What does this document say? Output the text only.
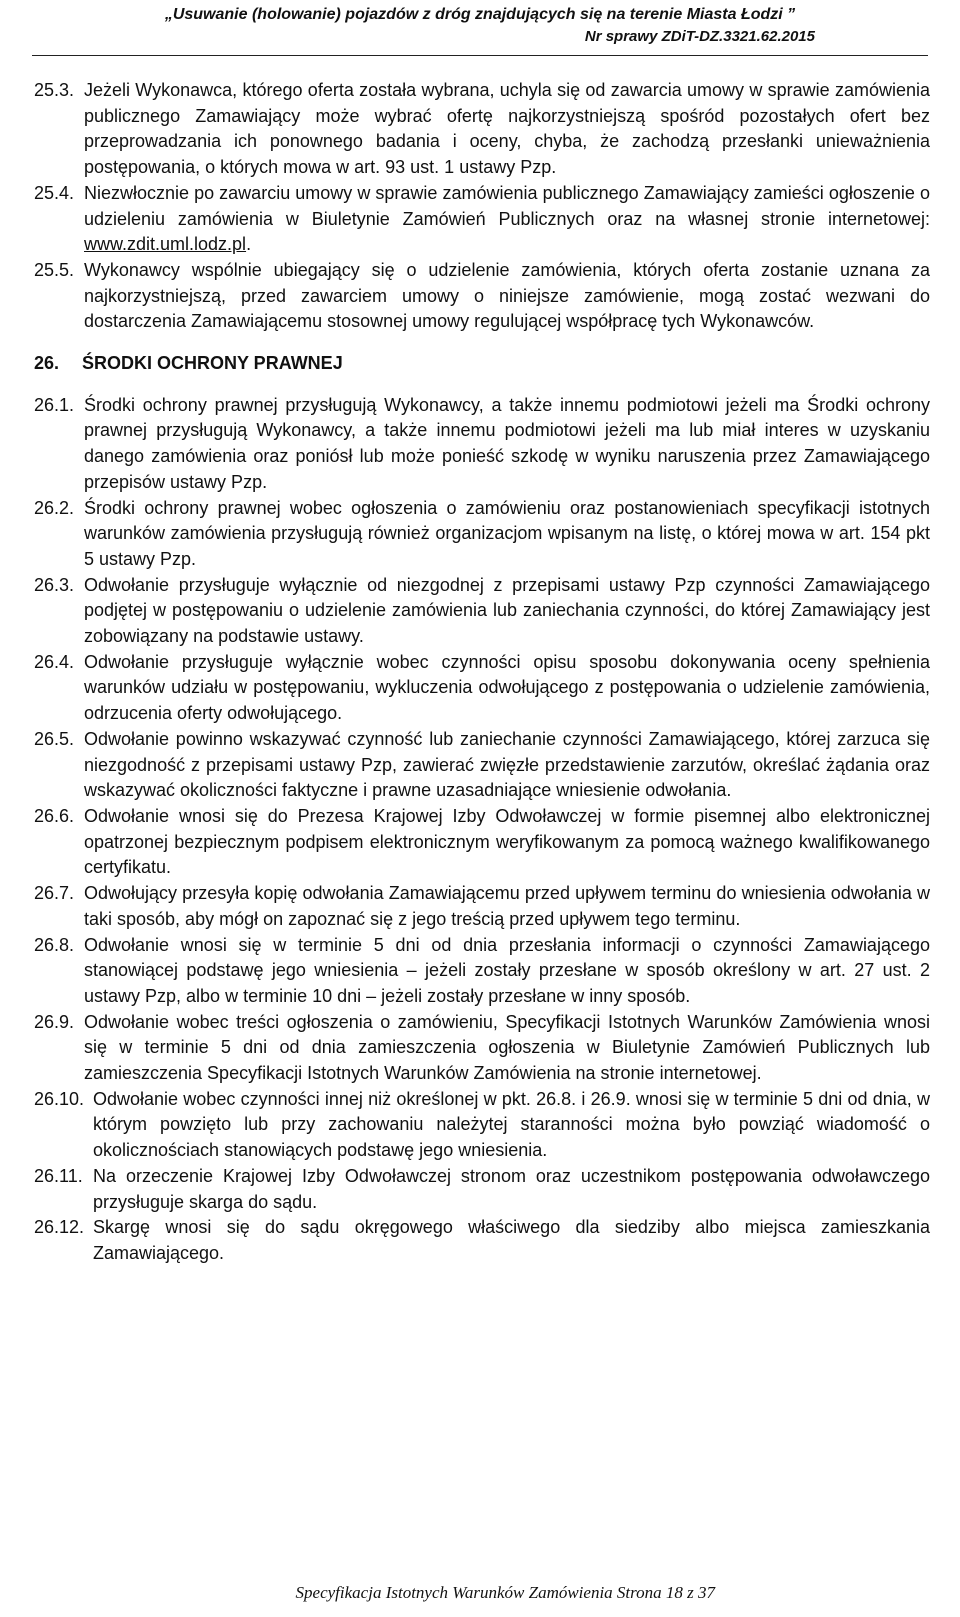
„Usuwanie (holowanie) pojazdów z dróg znajdujących się na terenie Miasta Łodzi ”
Nr sprawy ZDiT-DZ.3321.62.2015
25.3. Jeżeli Wykonawca, którego oferta została wybrana, uchyla się od zawarcia umowy w sprawie zamówienia publicznego Zamawiający może wybrać ofertę najkorzystniejszą spośród pozostałych ofert bez przeprowadzania ich ponownego badania i oceny, chyba, że zachodzą przesłanki unieważnienia postępowania, o których mowa w art. 93 ust. 1 ustawy Pzp.
25.4. Niezwłocznie po zawarciu umowy w sprawie zamówienia publicznego Zamawiający zamieści ogłoszenie o udzieleniu zamówienia w Biuletynie Zamówień Publicznych oraz na własnej stronie internetowej: www.zdit.uml.lodz.pl.
25.5. Wykonawcy wspólnie ubiegający się o udzielenie zamówienia, których oferta zostanie uznana za najkorzystniejszą, przed zawarciem umowy o niniejsze zamówienie, mogą zostać wezwani do dostarczenia Zamawiającemu stosownej umowy regulującej współpracę tych Wykonawców.
26.	ŚRODKI OCHRONY PRAWNEJ
26.1. Środki ochrony prawnej przysługują Wykonawcy, a także innemu podmiotowi jeżeli ma Środki ochrony prawnej przysługują Wykonawcy, a także innemu podmiotowi jeżeli ma lub miał interes w uzyskaniu danego zamówienia oraz poniósł lub może ponieść szkodę w wyniku naruszenia przez Zamawiającego przepisów ustawy Pzp.
26.2. Środki ochrony prawnej wobec ogłoszenia o zamówieniu oraz postanowieniach specyfikacji istotnych warunków zamówienia przysługują również organizacjom wpisanym na listę, o której mowa w art. 154 pkt 5 ustawy Pzp.
26.3. Odwołanie przysługuje wyłącznie od niezgodnej z przepisami ustawy Pzp czynności Zamawiającego podjętej w postępowaniu o udzielenie zamówienia lub zaniechania czynności, do której Zamawiający jest zobowiązany na podstawie ustawy.
26.4. Odwołanie przysługuje wyłącznie wobec czynności opisu sposobu dokonywania oceny spełnienia warunków udziału w postępowaniu, wykluczenia odwołującego z postępowania o udzielenie zamówienia, odrzucenia oferty odwołującego.
26.5. Odwołanie powinno wskazywać czynność lub zaniechanie czynności Zamawiającego, której zarzuca się niezgodność z przepisami ustawy Pzp, zawierać zwięzłe przedstawienie zarzutów, określać żądania oraz wskazywać okoliczności faktyczne i prawne uzasadniające wniesienie odwołania.
26.6. Odwołanie wnosi się do Prezesa Krajowej Izby Odwoławczej w formie pisemnej albo elektronicznej opatrzonej bezpiecznym podpisem elektronicznym weryfikowanym za pomocą ważnego kwalifikowanego certyfikatu.
26.7. Odwołujący przesyła kopię odwołania Zamawiającemu przed upływem terminu do wniesienia odwołania w taki sposób, aby mógł on zapoznać się z jego treścią przed upływem tego terminu.
26.8. Odwołanie wnosi się w terminie 5 dni od dnia przesłania informacji o czynności Zamawiającego stanowiącej podstawę jego wniesienia – jeżeli zostały przesłane w sposób określony w art. 27 ust. 2 ustawy Pzp, albo w terminie 10 dni – jeżeli zostały przesłane w inny sposób.
26.9. Odwołanie wobec treści ogłoszenia o zamówieniu, Specyfikacji Istotnych Warunków Zamówienia wnosi się w terminie 5 dni od dnia zamieszczenia ogłoszenia w Biuletynie Zamówień Publicznych lub zamieszczenia Specyfikacji Istotnych Warunków Zamówienia na stronie internetowej.
26.10. Odwołanie wobec czynności innej niż określonej w pkt. 26.8. i 26.9. wnosi się w terminie 5 dni od dnia, w którym powzięto lub przy zachowaniu należytej staranności można było powziąć wiadomość o okolicznościach stanowiących podstawę jego wniesienia.
26.11. Na orzeczenie Krajowej Izby Odwoławczej stronom oraz uczestnikom postępowania odwoławczego przysługuje skarga do sądu.
26.12. Skargę wnosi się do sądu okręgowego właściwego dla siedziby albo miejsca zamieszkania Zamawiającego.
Specyfikacja Istotnych Warunków Zamówienia Strona 18 z 37
